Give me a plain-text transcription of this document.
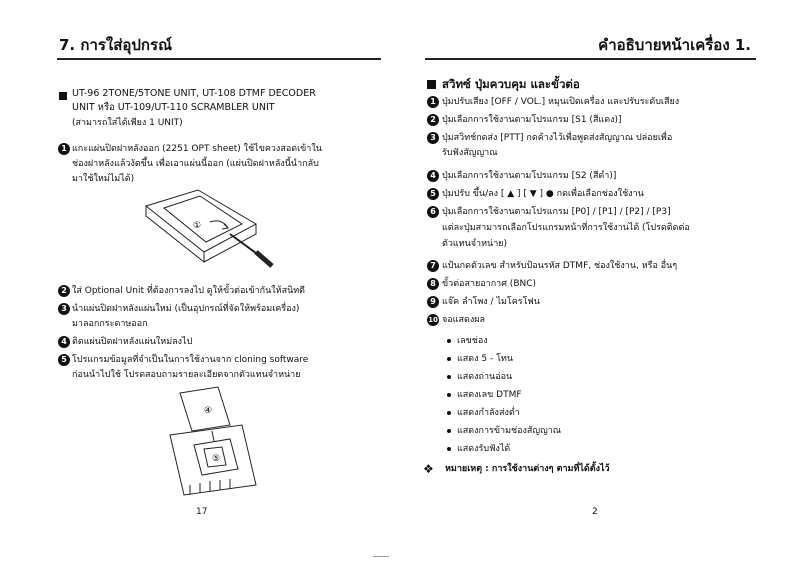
7. การใส่อุปกรณ์
UT-96 2TONE/5TONE UNIT, UT-108 DTMF DECODER
UNIT หรือ UT-109/UT-110 SCRAMBLER UNIT
(สามารถใส่ได้เพียง 1 UNIT)
1 แกะแผ่นปิดฝาหลังออก (2251 OPT sheet) ใช้ไขควงสอดเข้าใน
ช่องฝาหลังแล้วงัดขึ้น เพื่อเอาแผ่นนี้ออก (แผ่นปิดฝาหลังนี้นำกลับ
มาใช้ใหม่ไม่ได้)
①
2 ใส่ Optional Unit ที่ต้องการลงไป ดูให้ขั้วต่อเข้ากันให้สนิทดี
3 นำแผ่นปิดฝาหลังแผ่นใหม่ (เป็นอุปกรณ์ที่จัดให้พร้อมเครื่อง)
มาลอกกระดาษออก
4 ติดแผ่นปิดฝาหลังแผ่นใหม่ลงไป
5 โปรแกรมข้อมูลที่จำเป็นในการใช้งานจาก cloning software
ก่อนนำไปใช้ โปรดสอบถามรายละเอียดจากตัวแทนจำหน่าย
④
⑤
17
คำอธิบายหน้าเครื่อง 1.
สวิทซ์ ปุ่มควบคุม และขั้วต่อ
1 ปุ่มปรับเสียง [OFF / VOL.] หมุนเปิดเครื่อง และปรับระดับเสียง
2 ปุ่มเลือกการใช้งานตามโปรแกรม [S1 (สีแดง)]
3 ปุ่มสวิทช์กดส่ง [PTT] กดค้างไว้เพื่อพูดส่งสัญญาณ ปล่อยเพื่อ
รับฟังสัญญาณ
4 ปุ่มเลือกการใช้งานตามโปรแกรม [S2 (สีดำ)]
5 ปุ่มปรับ ขึ้น/ลง [ ▲ ] [ ▼ ] ● กดเพื่อเลือกช่องใช้งาน
6 ปุ่มเลือกการใช้งานตามโปรแกรม [P0] / [P1] / [P2] / [P3]
แต่ละปุ่มสามารถเลือกโปรแกรมหน้าที่การใช้งานได้ (โปรดติดต่อ
ตัวแทนจำหน่าย)
7 แป้นกดตัวเลข สำหรับป้อนรหัส DTMF, ช่องใช้งาน, หรือ อื่นๆ
8 ขั้วต่อสายอากาศ (BNC)
9 แจ๊ค ลำโพง / ไมโครโฟน
10 จอแสดงผล
เลขช่อง
แสดง 5 - โทน
แสดงถ่านอ่อน
แสดงเลข DTMF
แสดงกำลังส่งต่ำ
แสดงการข้ามช่องสัญญาณ
แสดงรับฟังได้
❖ หมายเหตุ : การใช้งานต่างๆ ตามที่ได้ตั้งไว้
2
